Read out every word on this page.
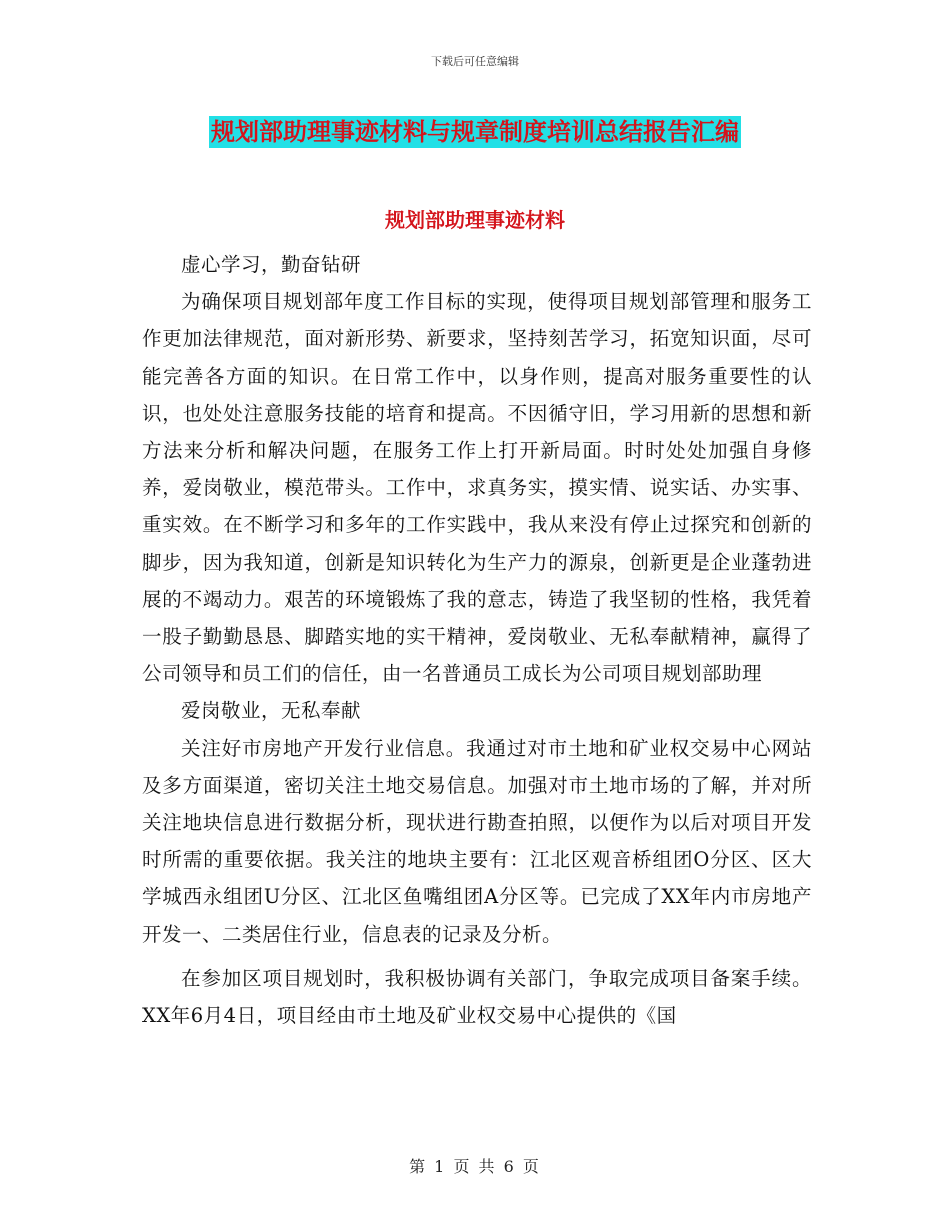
下载后可任意编辑
规划部助理事迹材料与规章制度培训总结报告汇编
规划部助理事迹材料

虚心学习，勤奋钻研

为确保项目规划部年度工作目标的实现，使得项目规划部管理和服务工作更加法律规范，面对新形势、新要求，坚持刻苦学习，拓宽知识面，尽可能完善各方面的知识。在日常工作中，以身作则，提高对服务重要性的认识，也处处注意服务技能的培育和提高。不因循守旧，学习用新的思想和新方法来分析和解决问题，在服务工作上打开新局面。时时处处加强自身修养，爱岗敬业，模范带头。工作中，求真务实，摸实情、说实话、办实事、重实效。在不断学习和多年的工作实践中，我从来没有停止过探究和创新的脚步，因为我知道，创新是知识转化为生产力的源泉，创新更是企业蓬勃进展的不竭动力。艰苦的环境锻炼了我的意志，铸造了我坚韧的性格，我凭着一股子勤勤恳恳、脚踏实地的实干精神，爱岗敬业、无私奉献精神，赢得了公司领导和员工们的信任，由一名普通员工成长为公司项目规划部助理

爱岗敬业，无私奉献

关注好市房地产开发行业信息。我通过对市土地和矿业权交易中心网站及多方面渠道，密切关注土地交易信息。加强对市土地市场的了解，并对所关注地块信息进行数据分析，现状进行勘查拍照，以便作为以后对项目开发时所需的重要依据。我关注的地块主要有：江北区观音桥组团O分区、区大学城西永组团U分区、江北区鱼嘴组团A分区等。已完成了XX年内市房地产开发一、二类居住行业，信息表的记录及分析。

在参加区项目规划时，我积极协调有关部门，争取完成项目备案手续。XX年6月4日，项目经由市土地及矿业权交易中心提供的《国

第 1 页 共 6 页
